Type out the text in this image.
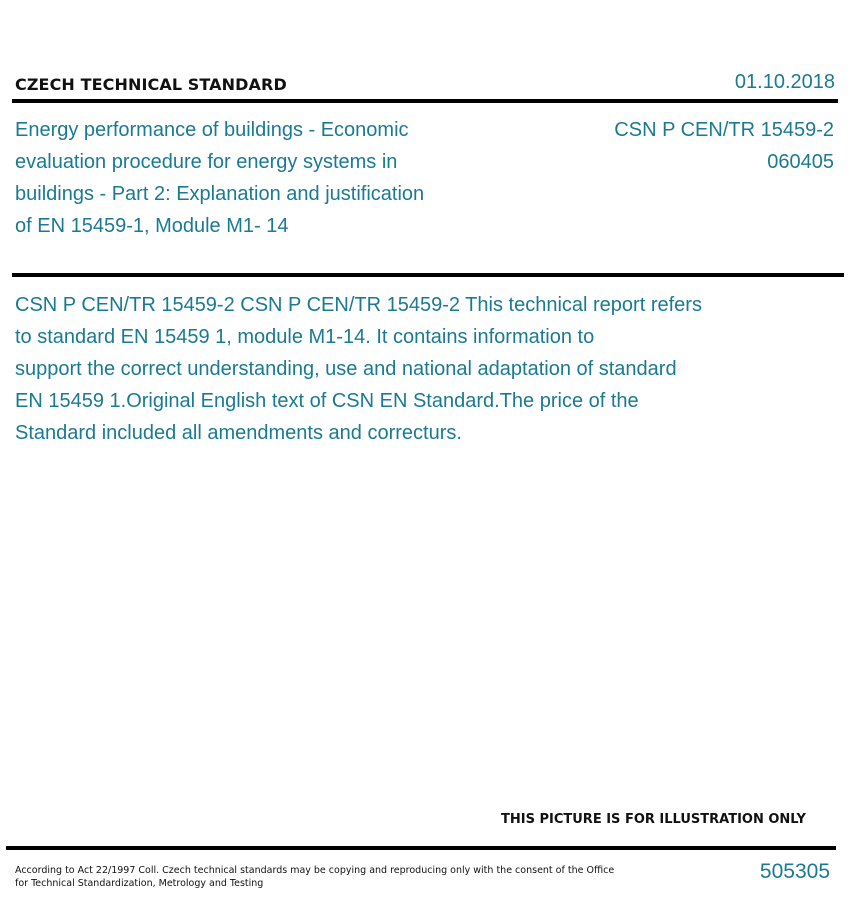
CZECH TECHNICAL STANDARD	01.10.2018
Energy performance of buildings - Economic
evaluation procedure for energy systems in
buildings - Part 2: Explanation and justification
of EN 15459-1, Module M1- 14
CSN P CEN/TR 15459-2
060405
CSN P CEN/TR 15459-2 CSN P CEN/TR 15459-2 This technical report refers
to standard EN 15459 1, module M1-14. It contains information to
support the correct understanding, use and national adaptation of standard
EN 15459 1.Original English text of CSN EN Standard.The price of the
Standard included all amendments and correcturs.
THIS PICTURE IS FOR ILLUSTRATION ONLY
According to Act 22/1997 Coll. Czech technical standards may be copying and reproducing only with the consent of the Office
for Technical Standardization, Metrology and Testing
505305
